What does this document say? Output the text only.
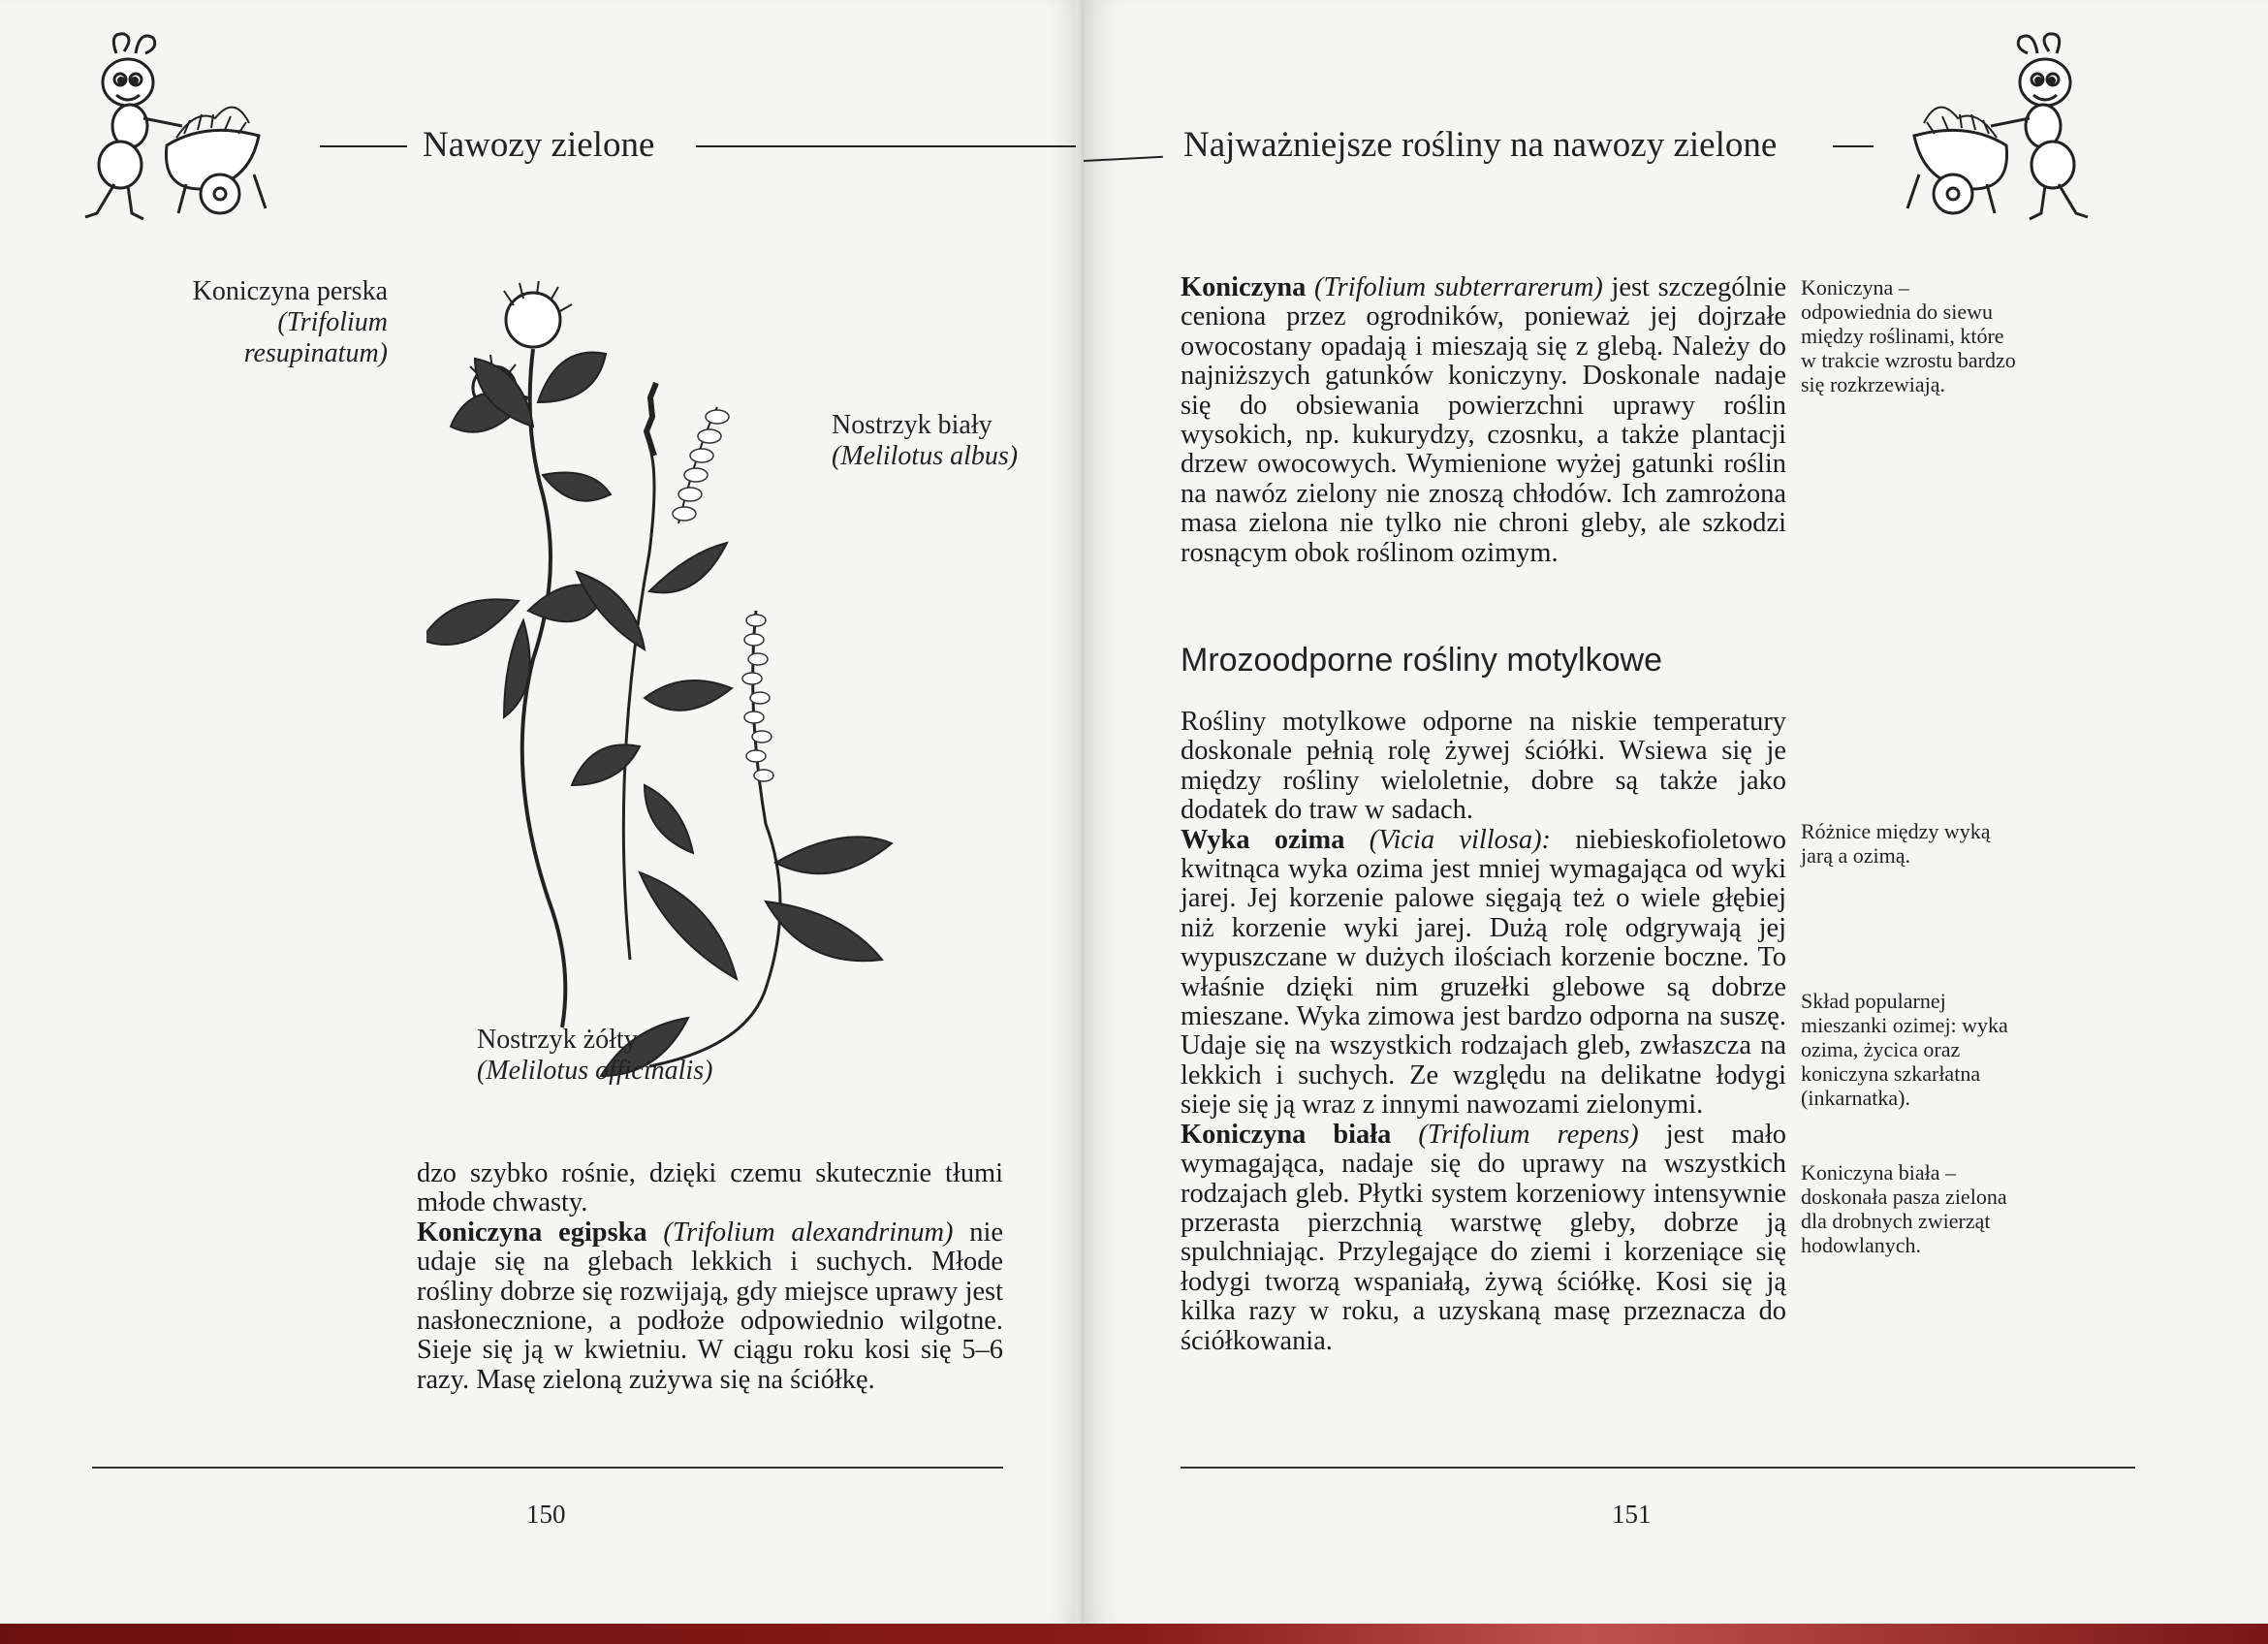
Nawozy zielone
Koniczyna perska
(Trifolium
resupinatum)
Nostrzyk biały
(Melilotus albus)
Nostrzyk żółty
(Melilotus officinalis)

dzo szybko rośnie, dzięki czemu skutecznie tłumi młode chwasty.

Koniczyna egipska (Trifolium alexandrinum) nie udaje się na glebach lekkich i suchych. Młode rośliny dobrze się rozwijają, gdy miejsce uprawy jest nasłonecznione, a podłoże odpowiednio wilgotne. Sieje się ją w kwietniu. W ciągu roku kosi się 5–6 razy. Masę zieloną zużywa się na ściółkę.

150
Najważniejsze rośliny na nawozy zielone

Koniczyna (Trifolium subterrarerum) jest szczególnie ceniona przez ogrodników, ponieważ jej dojrzałe owocostany opadają i mieszają się z glebą. Należy do najniższych gatunków koniczyny. Doskonale nadaje się do obsiewania powierzchni uprawy roślin wysokich, np. kukurydzy, czosnku, a także plantacji drzew owocowych. Wymienione wyżej gatunki roślin na nawóz zielony nie znoszą chłodów. Ich zamrożona masa zielona nie tylko nie chroni gleby, ale szkodzi rosnącym obok roślinom ozimym.

Mrozoodporne rośliny motylkowe

Rośliny motylkowe odporne na niskie temperatury doskonale pełnią rolę żywej ściółki. Wsiewa się je między rośliny wieloletnie, dobre są także jako dodatek do traw w sadach.

Wyka ozima (Vicia villosa): niebieskofioletowo kwitnąca wyka ozima jest mniej wymagająca od wyki jarej. Jej korzenie palowe sięgają też o wiele głębiej niż korzenie wyki jarej. Dużą rolę odgrywają jej wypuszczane w dużych ilościach korzenie boczne. To właśnie dzięki nim gruzełki glebowe są dobrze mieszane. Wyka zimowa jest bardzo odporna na suszę. Udaje się na wszystkich rodzajach gleb, zwłaszcza na lekkich i suchych. Ze względu na delikatne łodygi sieje się ją wraz z innymi nawozami zielonymi.

Koniczyna biała (Trifolium repens) jest mało wymagająca, nadaje się do uprawy na wszystkich rodzajach gleb. Płytki system korzeniowy intensywnie przerasta pierzchnią warstwę gleby, dobrze ją spulchniając. Przylegające do ziemi i korzeniące się łodygi tworzą wspaniałą, żywą ściółkę. Kosi się ją kilka razy w roku, a uzyskaną masę przeznacza do ściółkowania.

Koniczyna – odpowiednia do siewu między roślinami, które w trakcie wzrostu bardzo się rozkrzewiają.
Różnice między wyką jarą a ozimą.
Skład popularnej mieszanki ozimej: wyka ozima, życica oraz koniczyna szkarłatna (inkarnatka).
Koniczyna biała – doskonała pasza zielona dla drobnych zwierząt hodowlanych.
151
